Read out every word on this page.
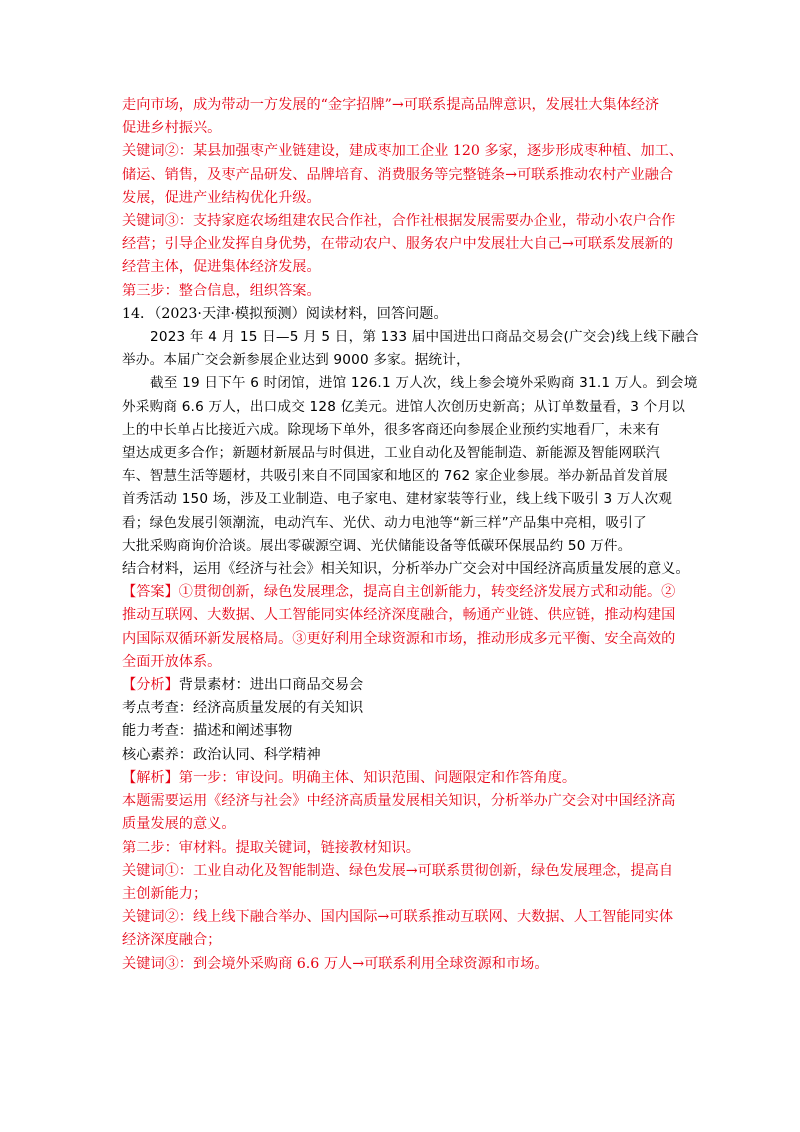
走向市场，成为带动一方发展的“金字招牌”→可联系提高品牌意识，发展壮大集体经济

促进乡村振兴。

关键词②：某县加强枣产业链建设，建成枣加工企业 120 多家，逐步形成枣种植、加工、

储运、销售，及枣产品研发、品牌培育、消费服务等完整链条→可联系推动农村产业融合

发展，促进产业结构优化升级。

关键词③：支持家庭农场组建农民合作社，合作社根据发展需要办企业，带动小农户合作

经营；引导企业发挥自身优势，在带动农户、服务农户中发展壮大自己→可联系发展新的

经营主体，促进集体经济发展。

第三步：整合信息，组织答案。

14．（2023·天津·模拟预测）阅读材料，回答问题。

2023 年 4 月 15 日—5 月 5 日，第 133 届中国进出口商品交易会(广交会)线上线下融合

举办。本届广交会新参展企业达到 9000 多家。据统计，

截至 19 日下午 6 时闭馆，进馆 126.1 万人次，线上参会境外采购商 31.1 万人。到会境

外采购商 6.6 万人，出口成交 128 亿美元。进馆人次创历史新高；从订单数量看，3 个月以

上的中长单占比接近六成。除现场下单外，很多客商还向参展企业预约实地看厂，未来有

望达成更多合作；新题材新展品与时俱进，工业自动化及智能制造、新能源及智能网联汽

车、智慧生活等题材，共吸引来自不同国家和地区的 762 家企业参展。举办新品首发首展

首秀活动 150 场，涉及工业制造、电子家电、建材家装等行业，线上线下吸引 3 万人次观

看；绿色发展引领潮流，电动汽车、光伏、动力电池等“新三样”产品集中亮相，吸引了

大批采购商询价洽谈。展出零碳源空调、光伏储能设备等低碳环保展品约 50 万件。

结合材料，运用《经济与社会》相关知识，分析举办广交会对中国经济高质量发展的意义。

【答案】①贯彻创新，绿色发展理念，提高自主创新能力，转变经济发展方式和动能。②

推动互联网、大数据、人工智能同实体经济深度融合，畅通产业链、供应链，推动构建国

内国际双循环新发展格局。③更好利用全球资源和市场，推动形成多元平衡、安全高效的

全面开放体系。

【分析】背景素材：进出口商品交易会

考点考查：经济高质量发展的有关知识

能力考查：描述和阐述事物

核心素养：政治认同、科学精神

【解析】第一步：审设问。明确主体、知识范围、问题限定和作答角度。

本题需要运用《经济与社会》中经济高质量发展相关知识，分析举办广交会对中国经济高

质量发展的意义。

第二步：审材料。提取关键词，链接教材知识。

关键词①：工业自动化及智能制造、绿色发展→可联系贯彻创新，绿色发展理念，提高自

主创新能力；

关键词②：线上线下融合举办、国内国际→可联系推动互联网、大数据、人工智能同实体

经济深度融合；

关键词③：到会境外采购商 6.6 万人→可联系利用全球资源和市场。
